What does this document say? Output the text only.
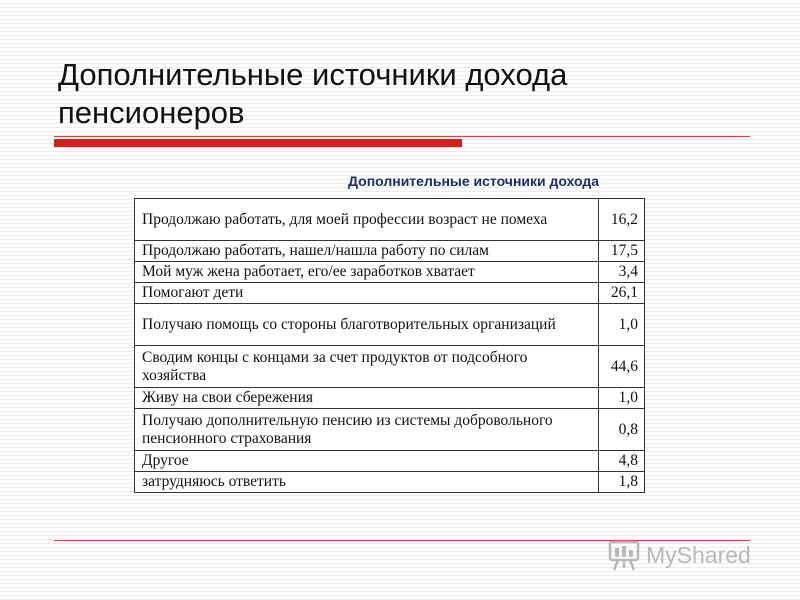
Дополнительные источники дохода
пенсионеров
Дополнительные источники дохода
Продолжаю работать, для моей профессии возраст не помеха	16,2
Продолжаю работать, нашел/нашла работу по силам	17,5
Мой муж жена работает, его/ее заработков хватает	3,4
Помогают дети	26,1
Получаю помощь со стороны благотворительных организаций	1,0
Сводим концы с концами за счет продуктов от подсобного хозяйства	44,6
Живу на свои сбережения	1,0
Получаю дополнительную пенсию из системы добровольного пенсионного страхования	0,8
Другое	4,8
затрудняюсь ответить	1,8
MyShared
